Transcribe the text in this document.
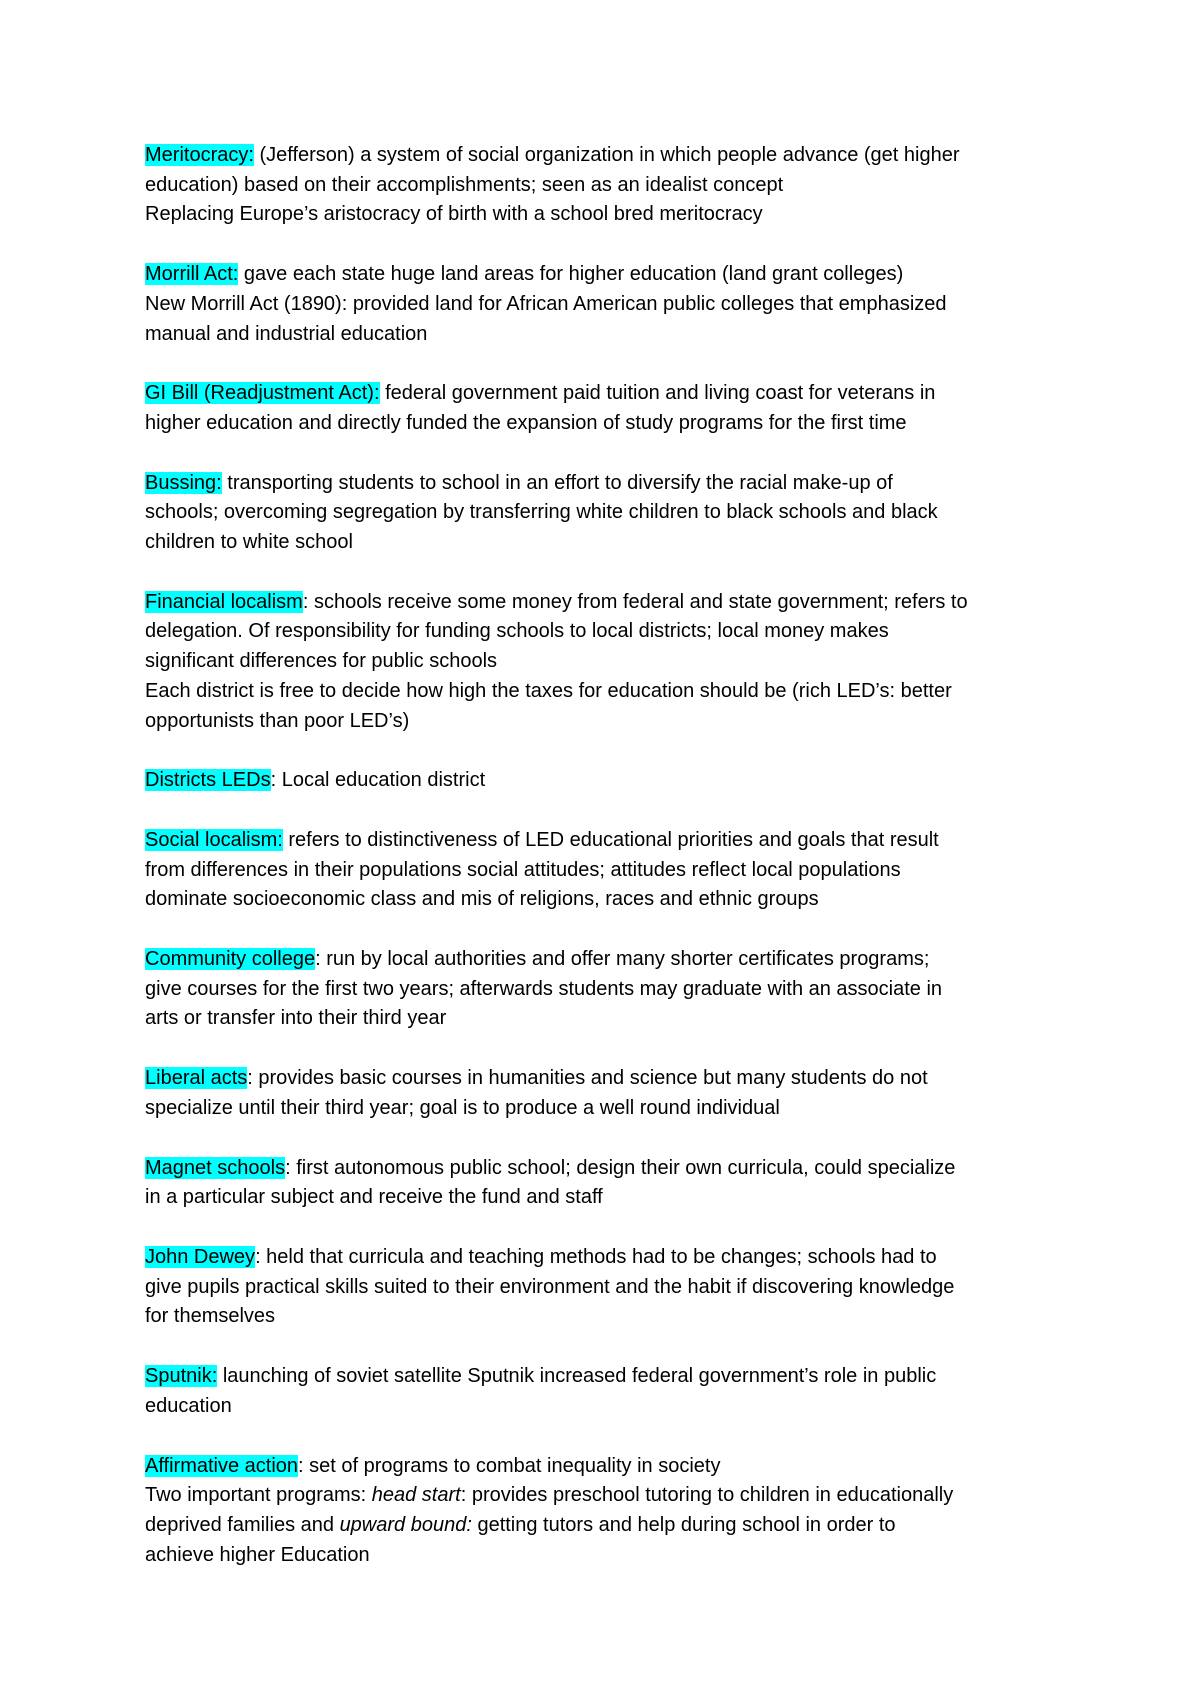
Meritocracy: (Jefferson) a system of social organization in which people advance (get higher
education) based on their accomplishments; seen as an idealist concept
Replacing Europe’s aristocracy of birth with a school bred meritocracy
Morrill Act: gave each state huge land areas for higher education (land grant colleges)
New Morrill Act (1890): provided land for African American public colleges that emphasized
manual and industrial education
GI Bill (Readjustment Act): federal government paid tuition and living coast for veterans in
higher education and directly funded the expansion of study programs for the first time
Bussing: transporting students to school in an effort to diversify the racial make-up of
schools; overcoming segregation by transferring white children to black schools and black
children to white school
Financial localism: schools receive some money from federal and state government; refers to
delegation. Of responsibility for funding schools to local districts; local money makes
significant differences for public schools
Each district is free to decide how high the taxes for education should be (rich LED’s: better
opportunists than poor LED’s)
Districts LEDs: Local education district
Social localism: refers to distinctiveness of LED educational priorities and goals that result
from differences in their populations social attitudes; attitudes reflect local populations
dominate socioeconomic class and mis of religions, races and ethnic groups
Community college: run by local authorities and offer many shorter certificates programs;
give courses for the first two years; afterwards students may graduate with an associate in
arts or transfer into their third year
Liberal acts: provides basic courses in humanities and science but many students do not
specialize until their third year; goal is to produce a well round individual
Magnet schools: first autonomous public school; design their own curricula, could specialize
in a particular subject and receive the fund and staff
John Dewey: held that curricula and teaching methods had to be changes; schools had to
give pupils practical skills suited to their environment and the habit if discovering knowledge
for themselves
Sputnik: launching of soviet satellite Sputnik increased federal government’s role in public
education
Affirmative action: set of programs to combat inequality in society
Two important programs: head start: provides preschool tutoring to children in educationally
deprived families and upward bound: getting tutors and help during school in order to
achieve higher Education
